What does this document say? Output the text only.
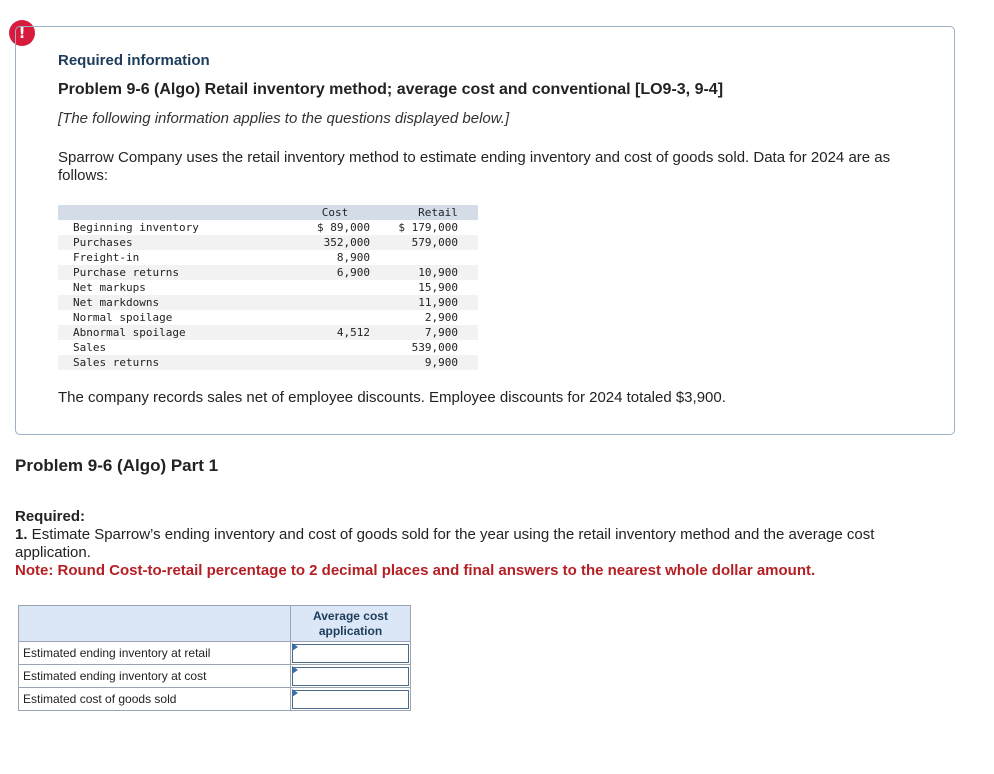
!
Required information
Problem 9-6 (Algo) Retail inventory method; average cost and conventional [LO9-3, 9-4]
[The following information applies to the questions displayed below.]
Sparrow Company uses the retail inventory method to estimate ending inventory and cost of goods sold. Data for 2024 are as follows:
	Cost		Retail
Beginning inventory	$ 89,000		$ 179,000
Purchases	352,000		579,000
Freight-in	8,900		
Purchase returns	6,900		10,900
Net markups			15,900
Net markdowns			11,900
Normal spoilage			2,900
Abnormal spoilage	4,512		7,900
Sales			539,000
Sales returns			9,900
The company records sales net of employee discounts. Employee discounts for 2024 totaled $3,900.
Problem 9-6 (Algo) Part 1
Required:
1. Estimate Sparrow’s ending inventory and cost of goods sold for the year using the retail inventory method and the average cost application.
Note: Round Cost-to-retail percentage to 2 decimal places and final answers to the nearest whole dollar amount.
	Average cost application
Estimated ending inventory at retail	

Estimated ending inventory at cost	

Estimated cost of goods sold	
